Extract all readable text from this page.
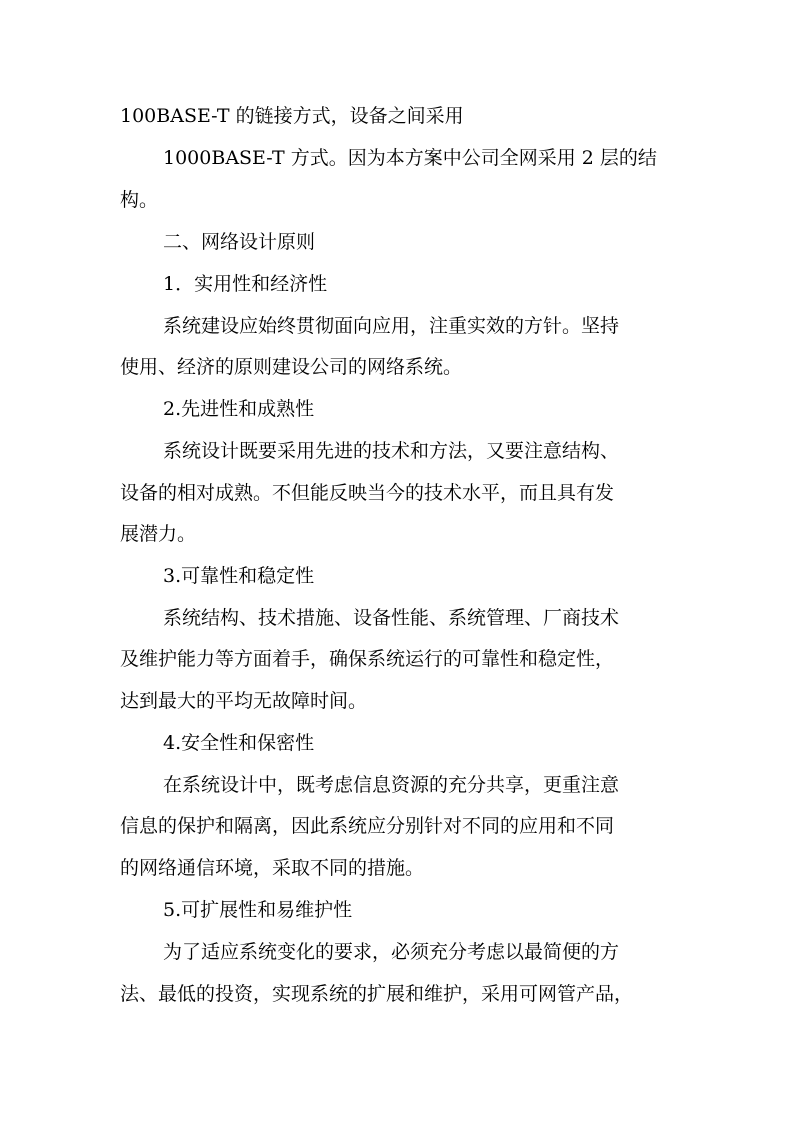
100BASE-T 的链接方式，设备之间采用
1000BASE-T 方式。因为本方案中公司全网采用 2 层的结
构。
二、网络设计原则
1．实用性和经济性
系统建设应始终贯彻面向应用，注重实效的方针。坚持
使用、经济的原则建设公司的网络系统。
2.先进性和成熟性
系统设计既要采用先进的技术和方法，又要注意结构、
设备的相对成熟。不但能反映当今的技术水平，而且具有发
展潜力。
3.可靠性和稳定性
系统结构、技术措施、设备性能、系统管理、厂商技术
及维护能力等方面着手，确保系统运行的可靠性和稳定性，
达到最大的平均无故障时间。
4.安全性和保密性
在系统设计中，既考虑信息资源的充分共享，更重注意
信息的保护和隔离，因此系统应分别针对不同的应用和不同
的网络通信环境，采取不同的措施。
5.可扩展性和易维护性
为了适应系统变化的要求，必须充分考虑以最简便的方
法、最低的投资，实现系统的扩展和维护，采用可网管产品，
